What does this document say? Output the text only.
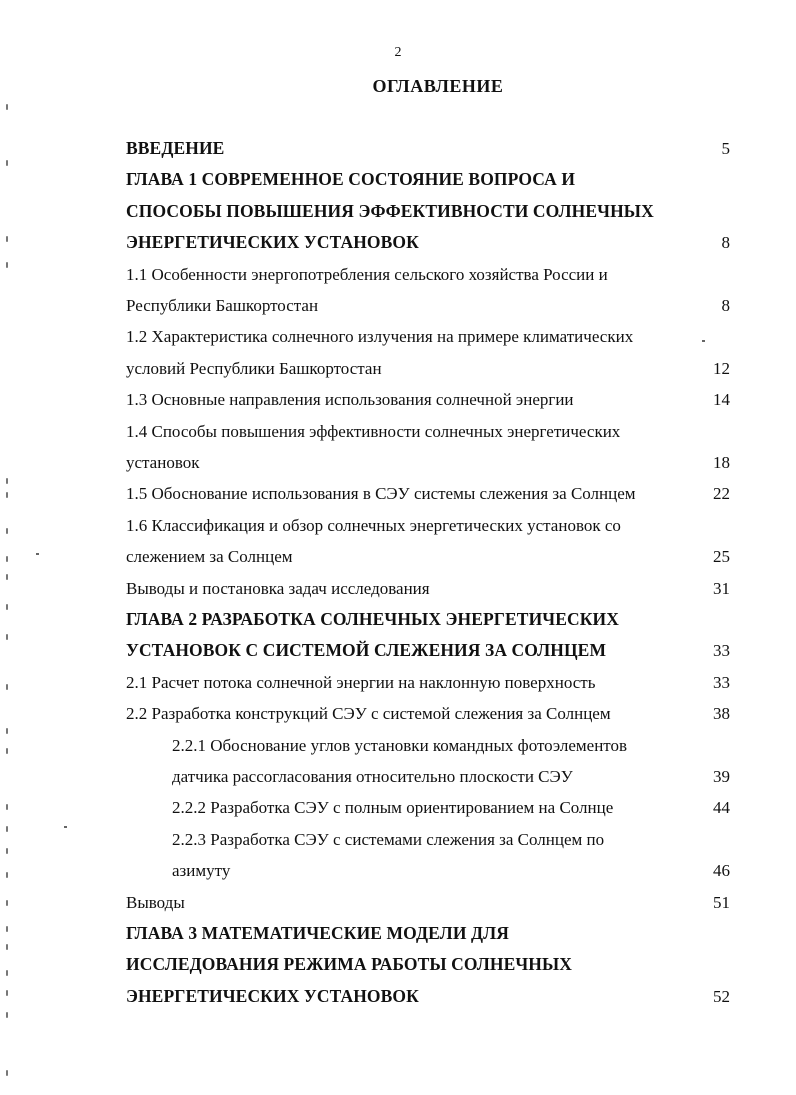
2
ОГЛАВЛЕНИЕ
ВВЕДЕНИЕ	5
ГЛАВА 1 СОВРЕМЕННОЕ СОСТОЯНИЕ ВОПРОСА И
СПОСОБЫ ПОВЫШЕНИЯ ЭФФЕКТИВНОСТИ СОЛНЕЧНЫХ
ЭНЕРГЕТИЧЕСКИХ УСТАНОВОК	8
1.1 Особенности энергопотребления сельского хозяйства России и
Республики Башкортостан	8
1.2 Характеристика солнечного излучения на примере климатических
условий Республики Башкортостан	12
1.3 Основные направления использования солнечной энергии	14
1.4 Способы повышения эффективности солнечных энергетических
установок	18
1.5 Обоснование использования в СЭУ системы слежения за Солнцем	22
1.6 Классификация и обзор солнечных энергетических установок со
слежением за Солнцем	25
Выводы и постановка задач исследования	31
ГЛАВА 2 РАЗРАБОТКА СОЛНЕЧНЫХ ЭНЕРГЕТИЧЕСКИХ
УСТАНОВОК С СИСТЕМОЙ СЛЕЖЕНИЯ ЗА СОЛНЦЕМ	33
2.1 Расчет потока солнечной энергии на наклонную поверхность	33
2.2 Разработка конструкций СЭУ с системой слежения за Солнцем	38
2.2.1 Обоснование углов установки командных фотоэлементов
датчика рассогласования относительно плоскости СЭУ	39
2.2.2 Разработка СЭУ с полным ориентированием на Солнце	44
2.2.3 Разработка СЭУ с системами слежения за Солнцем по
азимуту	46
Выводы	51
ГЛАВА 3 МАТЕМАТИЧЕСКИЕ МОДЕЛИ ДЛЯ
ИССЛЕДОВАНИЯ РЕЖИМА РАБОТЫ СОЛНЕЧНЫХ
ЭНЕРГЕТИЧЕСКИХ УСТАНОВОК	52
